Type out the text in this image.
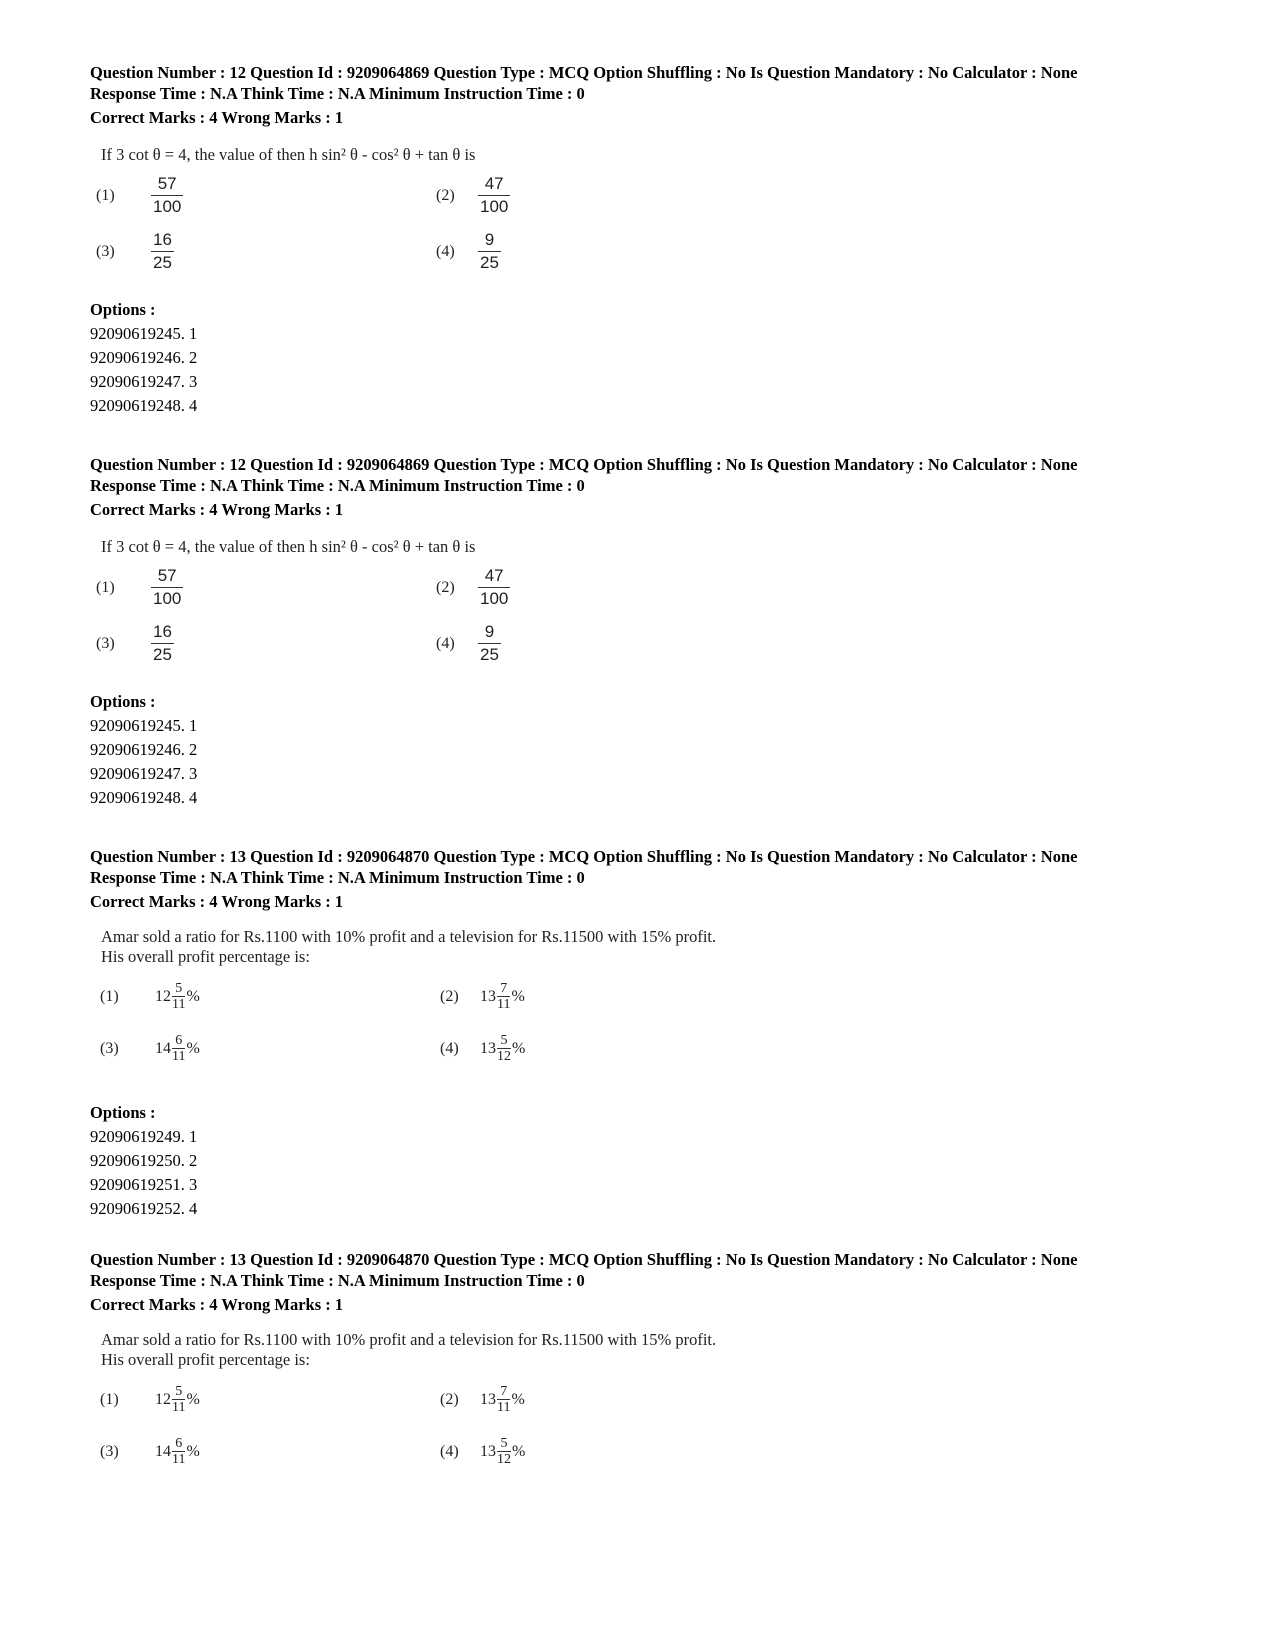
Question Number : 12 Question Id : 9209064869 Question Type : MCQ Option Shuffling : No Is Question Mandatory : No Calculator : None
Response Time : N.A Think Time : N.A Minimum Instruction Time : 0
Correct Marks : 4 Wrong Marks : 1
If 3 cot θ = 4, the value of then h sin² θ - cos² θ + tan θ is
(1)	$\frac{57}{100}$	(2)	$\frac{47}{100}$
(3)	$\frac{16}{25}$	(4)	$\frac{9}{25}$
Options :
92090619245. 1
92090619246. 2
92090619247. 3
92090619248. 4
Question Number : 12 Question Id : 9209064869 Question Type : MCQ Option Shuffling : No Is Question Mandatory : No Calculator : None
Response Time : N.A Think Time : N.A Minimum Instruction Time : 0
Correct Marks : 4 Wrong Marks : 1
If 3 cot θ = 4, the value of then h sin² θ - cos² θ + tan θ is
(1)	$\frac{57}{100}$	(2)	$\frac{47}{100}$
(3)	$\frac{16}{25}$	(4)	$\frac{9}{25}$
Options :
92090619245. 1
92090619246. 2
92090619247. 3
92090619248. 4
Question Number : 13 Question Id : 9209064870 Question Type : MCQ Option Shuffling : No Is Question Mandatory : No Calculator : None
Response Time : N.A Think Time : N.A Minimum Instruction Time : 0
Correct Marks : 4 Wrong Marks : 1
Amar sold a ratio for Rs.1100 with 10% profit and a television for Rs.11500 with 15% profit.
His overall profit percentage is:
(1)	12 5
11 %	(2)	13 7
11 %
(3)	14 6
11 %	(4)	13 5
12 %
Options :
92090619249. 1
92090619250. 2
92090619251. 3
92090619252. 4
Question Number : 13 Question Id : 9209064870 Question Type : MCQ Option Shuffling : No Is Question Mandatory : No Calculator : None
Response Time : N.A Think Time : N.A Minimum Instruction Time : 0
Correct Marks : 4 Wrong Marks : 1
Amar sold a ratio for Rs.1100 with 10% profit and a television for Rs.11500 with 15% profit.
His overall profit percentage is:
(1)	12 5
11 %	(2)	13 7
11 %
(3)	14 6
11 %	(4)	13 5
12 %
